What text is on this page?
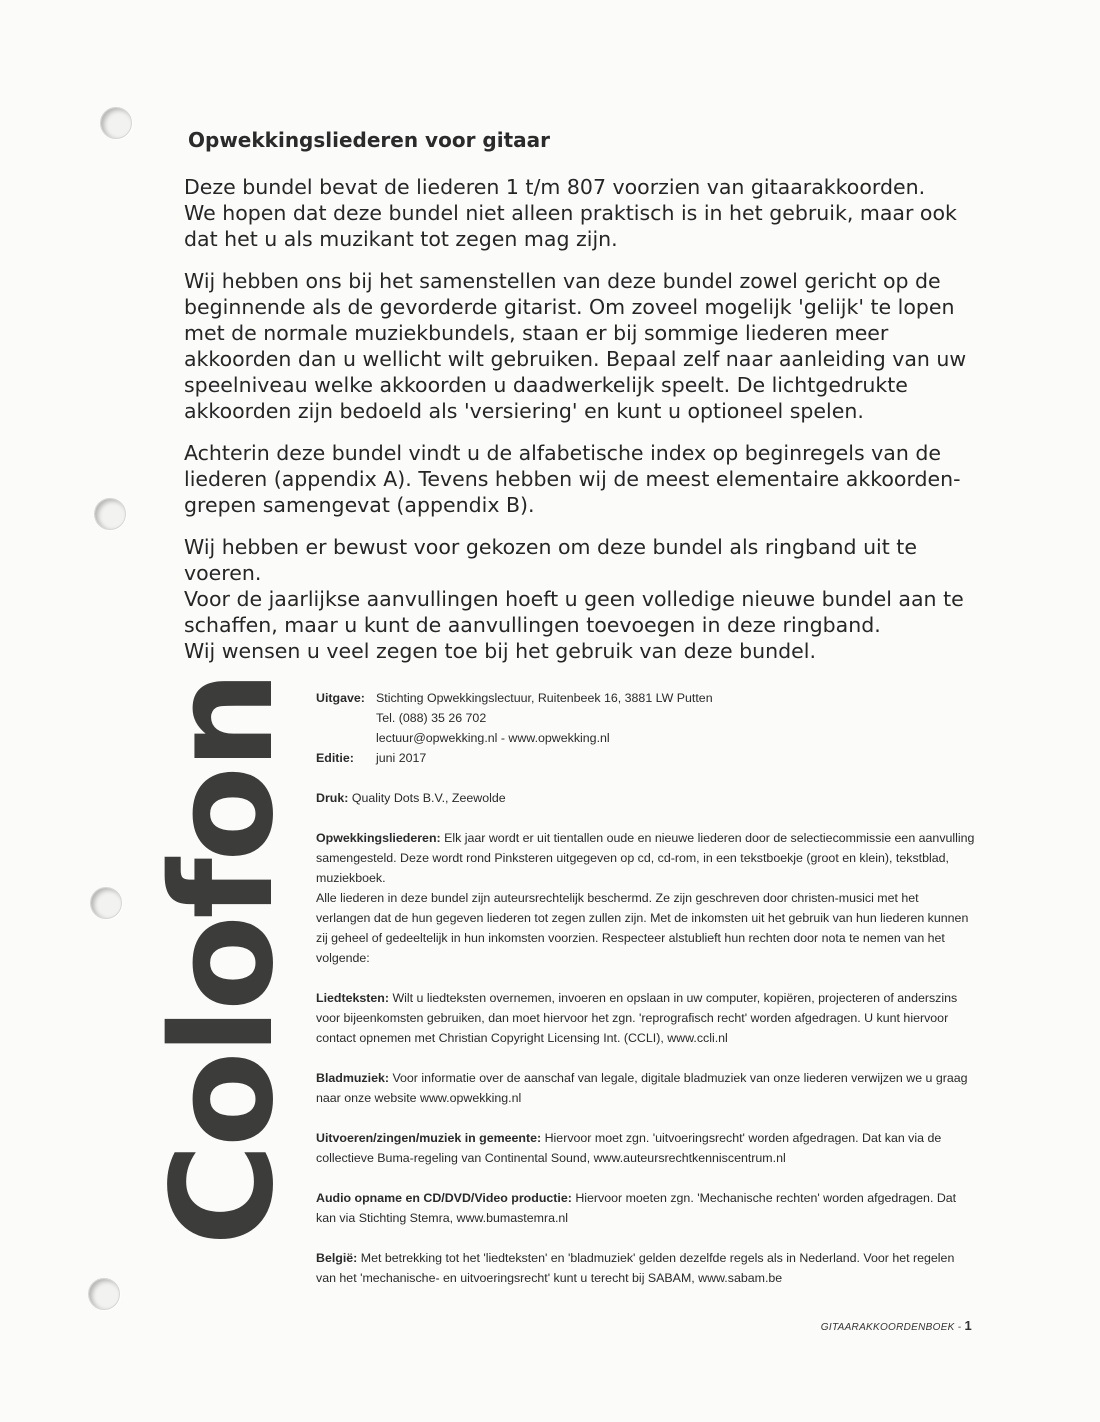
Opwekkingsliederen voor gitaar

Deze bundel bevat de liederen 1 t/m 807 voorzien van gitaarakkoorden.
We hopen dat deze bundel niet alleen praktisch is in het gebruik, maar ook dat het u als muzikant tot zegen mag zijn.

Wij hebben ons bij het samenstellen van deze bundel zowel gericht op de beginnende als de gevorderde gitarist. Om zoveel mogelijk 'gelijk' te lopen met de normale muziekbundels, staan er bij sommige liederen meer akkoorden dan u wellicht wilt gebruiken. Bepaal zelf naar aanleiding van uw speelniveau welke akkoorden u daadwerkelijk speelt. De lichtgedrukte akkoorden zijn bedoeld als 'versiering' en kunt u optioneel spelen.

Achterin deze bundel vindt u de alfabetische index op beginregels van de liederen (appendix A). Tevens hebben wij de meest elementaire akkoorden-grepen samengevat (appendix B).

Wij hebben er bewust voor gekozen om deze bundel als ringband uit te voeren.
Voor de jaarlijkse aanvullingen hoeft u geen volledige nieuwe bundel aan te schaffen, maar u kunt de aanvullingen toevoegen in deze ringband.
Wij wensen u veel zegen toe bij het gebruik van deze bundel.

Colofon Uitgave: Stichting Opwekkingslectuur, Ruitenbeek 16, 3881 LW Putten
Tel. (088) 35 26 702
lectuur@opwekking.nl - www.opwekking.nl
Editie:	juni 2017
Druk: Quality Dots B.V., Zeewolde

Opwekkingsliederen: Elk jaar wordt er uit tientallen oude en nieuwe liederen door de selectiecommissie een aanvulling samengesteld. Deze wordt rond Pinksteren uitgegeven op cd, cd-rom, in een tekstboekje (groot en klein), tekstblad, muziekboek.

Alle liederen in deze bundel zijn auteursrechtelijk beschermd. Ze zijn geschreven door christen-musici met het verlangen dat de hun gegeven liederen tot zegen zullen zijn. Met de inkomsten uit het gebruik van hun liederen kunnen zij geheel of gedeeltelijk in hun inkomsten voorzien. Respecteer alstublieft hun rechten door nota te nemen van het volgende:

Liedteksten: Wilt u liedteksten overnemen, invoeren en opslaan in uw computer, kopiëren, projecteren of anderszins voor bijeenkomsten gebruiken, dan moet hiervoor het zgn. 'reprografisch recht' worden afgedragen. U kunt hiervoor contact opnemen met Christian Copyright Licensing Int. (CCLI), www.ccli.nl

Bladmuziek: Voor informatie over de aanschaf van legale, digitale bladmuziek van onze liederen verwijzen we u graag naar onze website www.opwekking.nl

Uitvoeren/zingen/muziek in gemeente: Hiervoor moet zgn. 'uitvoeringsrecht' worden afgedragen. Dat kan via de collectieve Buma-regeling van Continental Sound, www.auteursrechtkenniscentrum.nl

Audio opname en CD/DVD/Video productie: Hiervoor moeten zgn. 'Mechanische rechten' worden afgedragen. Dat kan via Stichting Stemra, www.bumastemra.nl

België: Met betrekking tot het 'liedteksten' en 'bladmuziek' gelden dezelfde regels als in Nederland. Voor het regelen van het 'mechanische- en uitvoeringsrecht' kunt u terecht bij SABAM, www.sabam.be

GITAARAKKOORDENBOEK - 1
